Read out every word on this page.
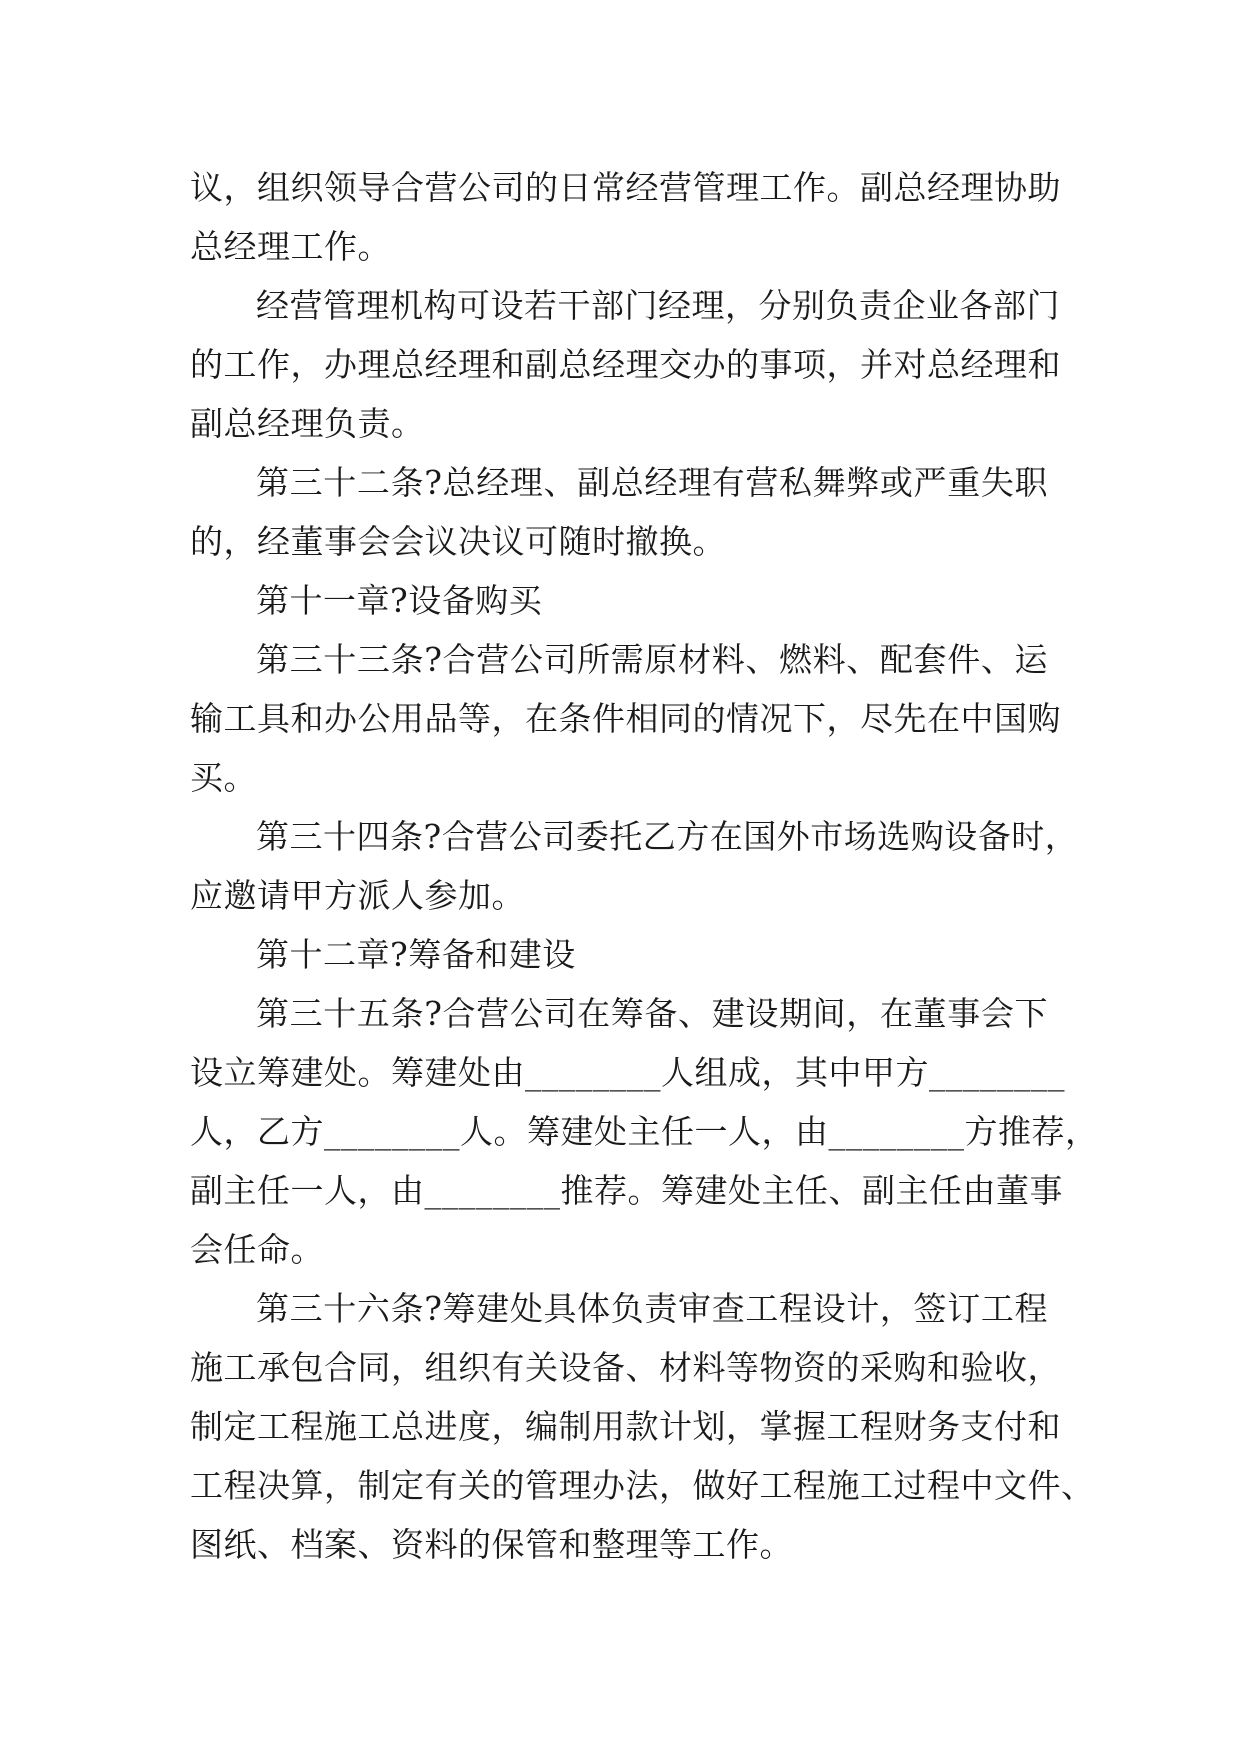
议，组织领导合营公司的日常经营管理工作。副总经理协助
总经理工作。
经营管理机构可设若干部门经理，分别负责企业各部门
的工作，办理总经理和副总经理交办的事项，并对总经理和
副总经理负责。
第三十二条?总经理、副总经理有营私舞弊或严重失职
的，经董事会会议决议可随时撤换。
第十一章?设备购买
第三十三条?合营公司所需原材料、燃料、配套件、运
输工具和办公用品等，在条件相同的情况下，尽先在中国购
买。
第三十四条?合营公司委托乙方在国外市场选购设备时，
应邀请甲方派人参加。
第十二章?筹备和建设
第三十五条?合营公司在筹备、建设期间，在董事会下
设立筹建处。筹建处由________人组成，其中甲方________
人，乙方________人。筹建处主任一人，由________方推荐，
副主任一人，由________推荐。筹建处主任、副主任由董事
会任命。
第三十六条?筹建处具体负责审查工程设计，签订工程
施工承包合同，组织有关设备、材料等物资的采购和验收，
制定工程施工总进度，编制用款计划，掌握工程财务支付和
工程决算，制定有关的管理办法，做好工程施工过程中文件、
图纸、档案、资料的保管和整理等工作。
